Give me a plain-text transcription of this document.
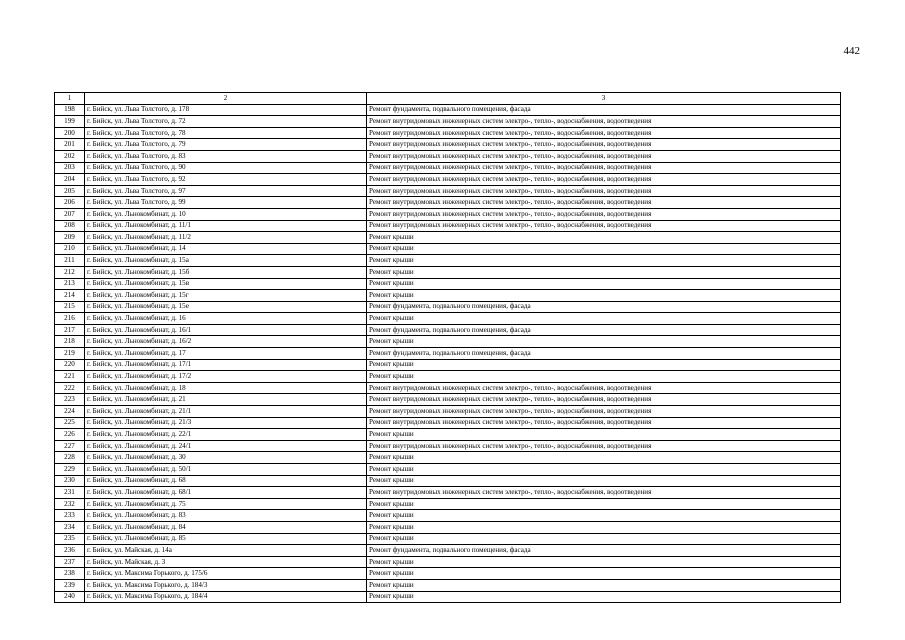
442
1	2	3
198	г. Бийск, ул. Льва Толстого, д. 178	Ремонт фундамента, подвального помещения, фасада
199	г. Бийск, ул. Льва Толстого, д. 72	Ремонт внутридомовых инженерных систем электро-, тепло-, водоснабжения, водоотведения
200	г. Бийск, ул. Льва Толстого, д. 78	Ремонт внутридомовых инженерных систем электро-, тепло-, водоснабжения, водоотведения
201	г. Бийск, ул. Льва Толстого, д. 79	Ремонт внутридомовых инженерных систем электро-, тепло-, водоснабжения, водоотведения
202	г. Бийск, ул. Льва Толстого, д. 83	Ремонт внутридомовых инженерных систем электро-, тепло-, водоснабжения, водоотведения
203	г. Бийск, ул. Льва Толстого, д. 90	Ремонт внутридомовых инженерных систем электро-, тепло-, водоснабжения, водоотведения
204	г. Бийск, ул. Льва Толстого, д. 92	Ремонт внутридомовых инженерных систем электро-, тепло-, водоснабжения, водоотведения
205	г. Бийск, ул. Льва Толстого, д. 97	Ремонт внутридомовых инженерных систем электро-, тепло-, водоснабжения, водоотведения
206	г. Бийск, ул. Льва Толстого, д. 99	Ремонт внутридомовых инженерных систем электро-, тепло-, водоснабжения, водоотведения
207	г. Бийск, ул. Льнокомбинат, д. 10	Ремонт внутридомовых инженерных систем электро-, тепло-, водоснабжения, водоотведения
208	г. Бийск, ул. Льнокомбинат, д. 11/1	Ремонт внутридомовых инженерных систем электро-, тепло-, водоснабжения, водоотведения
209	г. Бийск, ул. Льнокомбинат, д. 11/2	Ремонт крыши
210	г. Бийск, ул. Льнокомбинат, д. 14	Ремонт крыши
211	г. Бийск, ул. Льнокомбинат, д. 15а	Ремонт крыши
212	г. Бийск, ул. Льнокомбинат, д. 15б	Ремонт крыши
213	г. Бийск, ул. Льнокомбинат, д. 15в	Ремонт крыши
214	г. Бийск, ул. Льнокомбинат, д. 15г	Ремонт крыши
215	г. Бийск, ул. Льнокомбинат, д. 15е	Ремонт фундамента, подвального помещения, фасада
216	г. Бийск, ул. Льнокомбинат, д. 16	Ремонт крыши
217	г. Бийск, ул. Льнокомбинат, д. 16/1	Ремонт фундамента, подвального помещения, фасада
218	г. Бийск, ул. Льнокомбинат, д. 16/2	Ремонт крыши
219	г. Бийск, ул. Льнокомбинат, д. 17	Ремонт фундамента, подвального помещения, фасада
220	г. Бийск, ул. Льнокомбинат, д. 17/1	Ремонт крыши
221	г. Бийск, ул. Льнокомбинат, д. 17/2	Ремонт крыши
222	г. Бийск, ул. Льнокомбинат, д. 18	Ремонт внутридомовых инженерных систем электро-, тепло-, водоснабжения, водоотведения
223	г. Бийск, ул. Льнокомбинат, д. 21	Ремонт внутридомовых инженерных систем электро-, тепло-, водоснабжения, водоотведения
224	г. Бийск, ул. Льнокомбинат, д. 21/1	Ремонт внутридомовых инженерных систем электро-, тепло-, водоснабжения, водоотведения
225	г. Бийск, ул. Льнокомбинат, д. 21/3	Ремонт внутридомовых инженерных систем электро-, тепло-, водоснабжения, водоотведения
226	г. Бийск, ул. Льнокомбинат, д. 22/1	Ремонт крыши
227	г. Бийск, ул. Льнокомбинат, д. 24/1	Ремонт внутридомовых инженерных систем электро-, тепло-, водоснабжения, водоотведения
228	г. Бийск, ул. Льнокомбинат, д. 30	Ремонт крыши
229	г. Бийск, ул. Льнокомбинат, д. 50/1	Ремонт крыши
230	г. Бийск, ул. Льнокомбинат, д. 68	Ремонт крыши
231	г. Бийск, ул. Льнокомбинат, д. 68/1	Ремонт внутридомовых инженерных систем электро-, тепло-, водоснабжения, водоотведения
232	г. Бийск, ул. Льнокомбинат, д. 75	Ремонт крыши
233	г. Бийск, ул. Льнокомбинат, д. 83	Ремонт крыши
234	г. Бийск, ул. Льнокомбинат, д. 84	Ремонт крыши
235	г. Бийск, ул. Льнокомбинат, д. 85	Ремонт крыши
236	г. Бийск, ул. Майская, д. 14а	Ремонт фундамента, подвального помещения, фасада
237	г. Бийск, ул. Майская, д. 3	Ремонт крыши
238	г. Бийск, ул. Максима Горького, д. 175/6	Ремонт крыши
239	г. Бийск, ул. Максима Горького, д. 184/3	Ремонт крыши
240	г. Бийск, ул. Максима Горького, д. 184/4	Ремонт крыши
